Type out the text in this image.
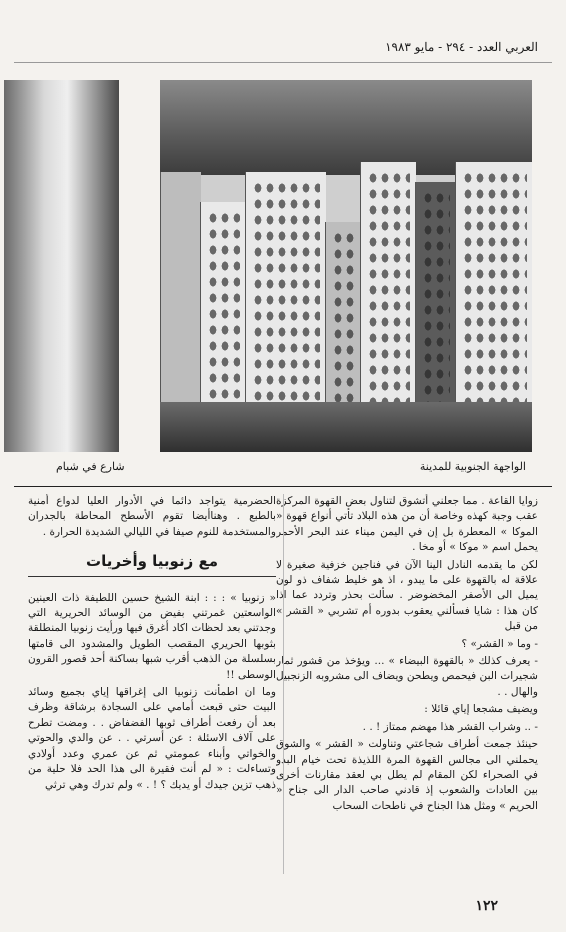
العربي العدد - ٢٩٤ - مايو ١٩٨٣
الواجهة الجنوبية للمدينة
شارع في شبام

زوايا القاعة . مما جعلني أتشوق لتناول بعض القهوة المركزة عقب وجبة كهذه وخاصة أن من هذه البلاد تأتي أنواع قهوة « الموكا » المعطرة بل إن في اليمن ميناء عند البحر الأحمر يحمل اسم « موكا » أو مخا .

لكن ما يقدمه النادل الينا الآن في فناجين خزفية صغيرة لا علاقة له بالقهوة على ما يبدو ، اذ هو خليط شفاف ذو لون يميل الى الأصفر المخضوضر . سألت بحذر وتردد عما اذا كان هذا : شايا فسألني يعقوب بدوره أم تشربي « القشر » من قبل

- وما « القشر» ؟

- يعرف كذلك « بالقهوة البيضاء » ... ويؤخذ من قشور ثمار شجيرات البن فيحمص ويطحن ويضاف الى مشروبه الزنجبيل والهال . .

ويضيف مشجعا إياي قائلا :

- .. وشراب القشر هذا مهضم ممتاز ! . .

حينئذ جمعت أطراف شجاعتي وتناولت « القشر » والشوق يحملني الى مجالس القهوة المرة اللذيذة تحت خيام البدو في الصحراء لكن المقام لم يطل بي لعقد مقارنات أخرى بين العادات والشعوب إذ قادني صاحب الدار الى جناح « الحريم » ومثل هذا الجناح في ناطحات السحاب

الحضرمية يتواجد دائما في الأدوار العليا لدواع أمنية بالطبع . وهناأيضا تقوم الأسطح المحاطة بالجدران والمستخدمة للنوم صيفا في الليالي الشديدة الحرارة .

مع زنوبيا وأخريات

« زنوبيا » : : : ابنة الشيخ حسين اللطيفة ذات العينين الواسعتين غمرتني بفيض من الوسائد الحريرية التي وجدتني بعد لحظات اكاد أغرق فيها ورأيت زنوبيا المنطلقة بثوبها الحريري المقصب الطويل والمشدود الى قامتها بسلسلة من الذهب أقرب شبها بساكنة أحد قصور القرون الوسطى !!

وما ان اطمأنت زنوبيا الى إغراقها إياي بجميع وسائد البيت حتى قبعت أمامي على السجادة برشاقة وظرف بعد أن رفعت أطراف ثوبها الفضفاض . . ومضت تطرح على آلاف الاسئلة : عن أسرتي . . عن والدي والحوتي والخواتي وأبناء عمومتي ثم عن عمري وعدد أولادي وتساءلت : « لم أنت فقيرة الى هذا الحد فلا حلية من ذهب تزين جيدك أو يديك ؟ ! . » ولم تدرك وهي ترثي

١٢٢
